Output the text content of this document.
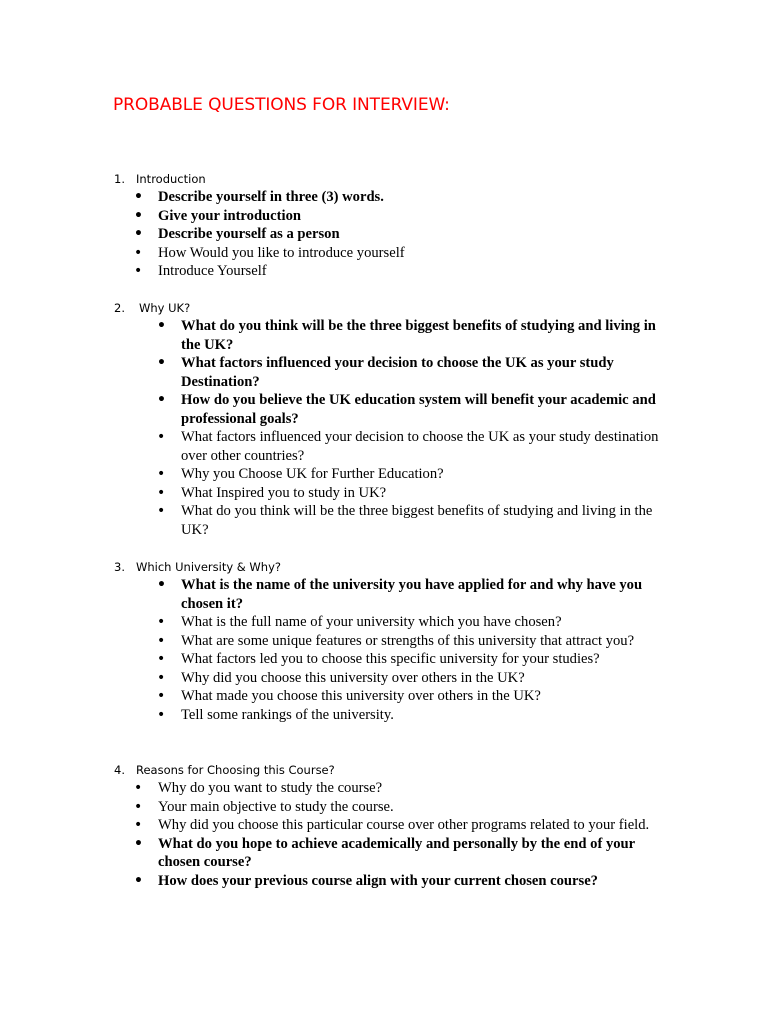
PROBABLE QUESTIONS FOR INTERVIEW:
1. Introduction
• Describe yourself in three (3) words.
• Give your introduction
• Describe yourself as a person
• How Would you like to introduce yourself
• Introduce Yourself
2. Why UK?
• What do you think will be the three biggest benefits of studying and living in the UK?
• What factors influenced your decision to choose the UK as your study Destination?
• How do you believe the UK education system will benefit your academic and professional goals?
• What factors influenced your decision to choose the UK as your study destination over other countries?
• Why you Choose UK for Further Education?
• What Inspired you to study in UK?
• What do you think will be the three biggest benefits of studying and living in the UK?
3. Which University & Why?
• What is the name of the university you have applied for and why have you chosen it?
• What is the full name of your university which you have chosen?
• What are some unique features or strengths of this university that attract you?
• What factors led you to choose this specific university for your studies?
• Why did you choose this university over others in the UK?
• What made you choose this university over others in the UK?
• Tell some rankings of the university.
4. Reasons for Choosing this Course?
• Why do you want to study the course?
• Your main objective to study the course.
• Why did you choose this particular course over other programs related to your field.
• What do you hope to achieve academically and personally by the end of your chosen course?
• How does your previous course align with your current chosen course?
